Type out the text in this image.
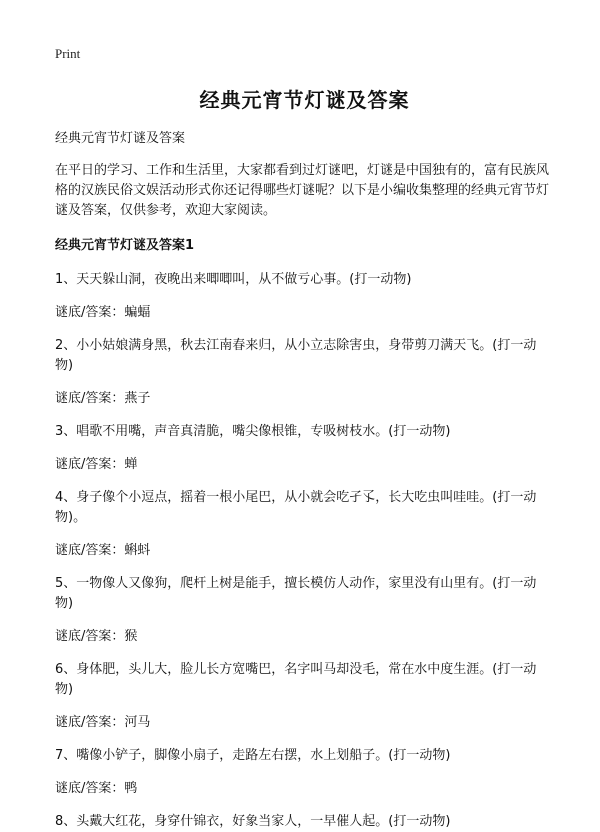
Print
经典元宵节灯谜及答案

经典元宵节灯谜及答案

在平日的学习、工作和生活里，大家都看到过灯谜吧，灯谜是中国独有的，富有民族风格的汉族民俗文娱活动形式你还记得哪些灯谜呢？以下是小编收集整理的经典元宵节灯谜及答案，仅供参考，欢迎大家阅读。

经典元宵节灯谜及答案1

1、天天躲山洞，夜晚出来唧唧叫，从不做亏心事。(打一动物)

谜底/答案：蝙蝠

2、小小姑娘满身黑，秋去江南春来归，从小立志除害虫，身带剪刀满天飞。(打一动物)

谜底/答案：燕子

3、唱歌不用嘴，声音真清脆，嘴尖像根锥，专吸树枝水。(打一动物)

谜底/答案：蝉

4、身子像个小逗点，摇着一根小尾巴，从小就会吃孑孓，长大吃虫叫哇哇。(打一动物)。

谜底/答案：蝌蚪

5、一物像人又像狗，爬杆上树是能手，擅长模仿人动作，家里没有山里有。(打一动物)

谜底/答案：猴

6、身体肥，头儿大，脸儿长方宽嘴巴，名字叫马却没毛，常在水中度生涯。(打一动物)

谜底/答案：河马

7、嘴像小铲子，脚像小扇子，走路左右摆，水上划船子。(打一动物)

谜底/答案：鸭

8、头戴大红花，身穿什锦衣，好象当家人，一早催人起。(打一动物)
